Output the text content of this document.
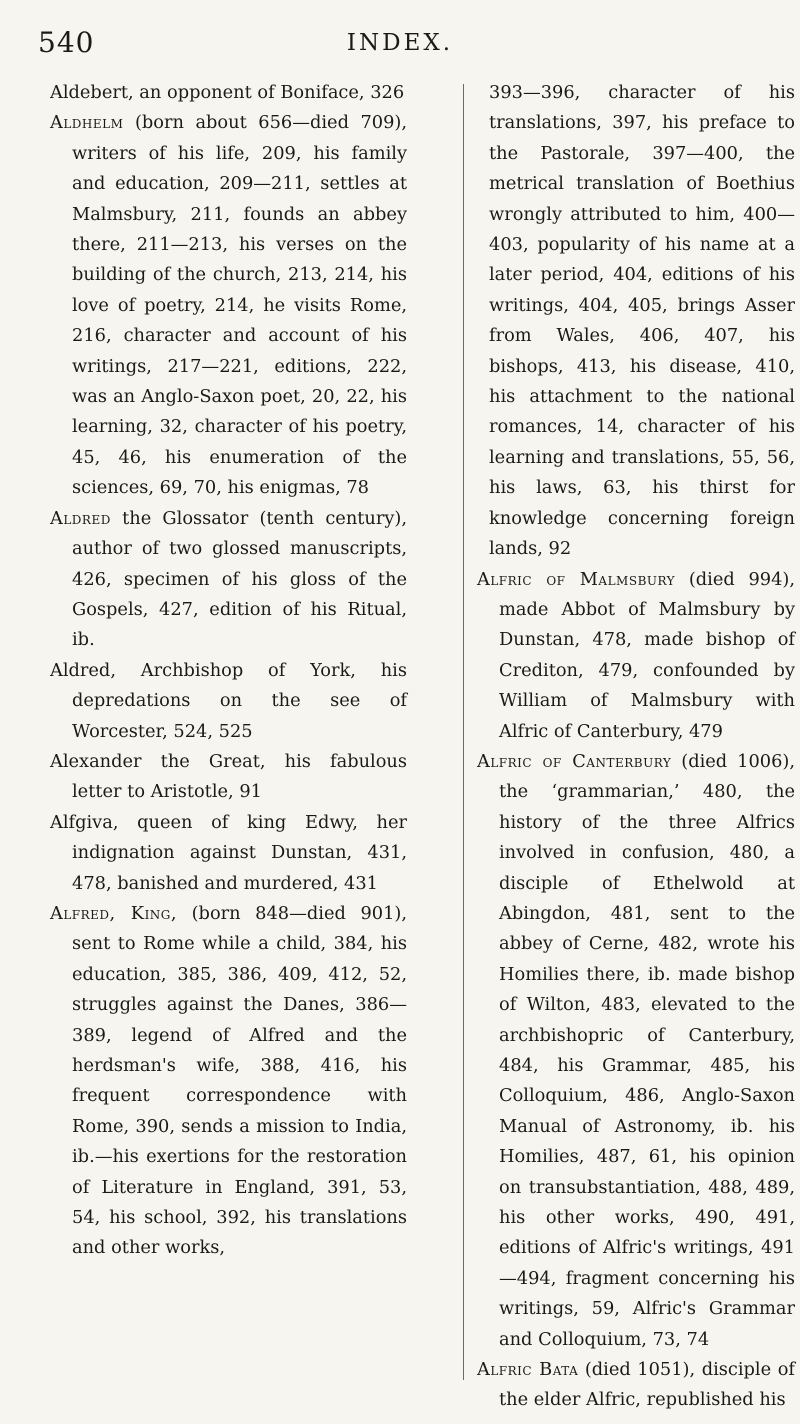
540	INDEX.

Aldebert, an opponent of Boniface, 326

Aldhelm (born about 656—died 709), writers of his life, 209, his family and education, 209—211, settles at Malmsbury, 211, founds an abbey there, 211—213, his verses on the building of the church, 213, 214, his love of poetry, 214, he visits Rome, 216, character and account of his writings, 217—221, editions, 222, was an Anglo-Saxon poet, 20, 22, his learning, 32, character of his poetry, 45, 46, his enumeration of the sciences, 69, 70, his enigmas, 78

Aldred the Glossator (tenth century), author of two glossed manuscripts, 426, specimen of his gloss of the Gospels, 427, edition of his Ritual, ib.

Aldred, Archbishop of York, his depredations on the see of Worcester, 524, 525

Alexander the Great, his fabulous letter to Aristotle, 91

Alfgiva, queen of king Edwy, her indignation against Dunstan, 431, 478, banished and murdered, 431

Alfred, King, (born 848—died 901), sent to Rome while a child, 384, his education, 385, 386, 409, 412, 52, struggles against the Danes, 386—389, legend of Alfred and the herdsman's wife, 388, 416, his frequent correspondence with Rome, 390, sends a mission to India, ib.—his exertions for the restoration of Literature in England, 391, 53, 54, his school, 392, his translations and other works,

393—396, character of his translations, 397, his preface to the Pastorale, 397—400, the metrical translation of Boethius wrongly attributed to him, 400—403, popularity of his name at a later period, 404, editions of his writings, 404, 405, brings Asser from Wales, 406, 407, his bishops, 413, his disease, 410, his attachment to the national romances, 14, character of his learning and translations, 55, 56, his laws, 63, his thirst for knowledge concerning foreign lands, 92

Alfric of Malmsbury (died 994), made Abbot of Malmsbury by Dunstan, 478, made bishop of Crediton, 479, confounded by William of Malmsbury with Alfric of Canterbury, 479

Alfric of Canterbury (died 1006), the ‘grammarian,’ 480, the history of the three Alfrics involved in confusion, 480, a disciple of Ethelwold at Abingdon, 481, sent to the abbey of Cerne, 482, wrote his Homilies there, ib. made bishop of Wilton, 483, elevated to the archbishopric of Canterbury, 484, his Grammar, 485, his Colloquium, 486, Anglo-Saxon Manual of Astronomy, ib. his Homilies, 487, 61, his opinion on transubstantiation, 488, 489, his other works, 490, 491, editions of Alfric's writings, 491—494, fragment concerning his writings, 59, Alfric's Grammar and Colloquium, 73, 74

Alfric Bata (died 1051), disciple of the elder Alfric, republished his
